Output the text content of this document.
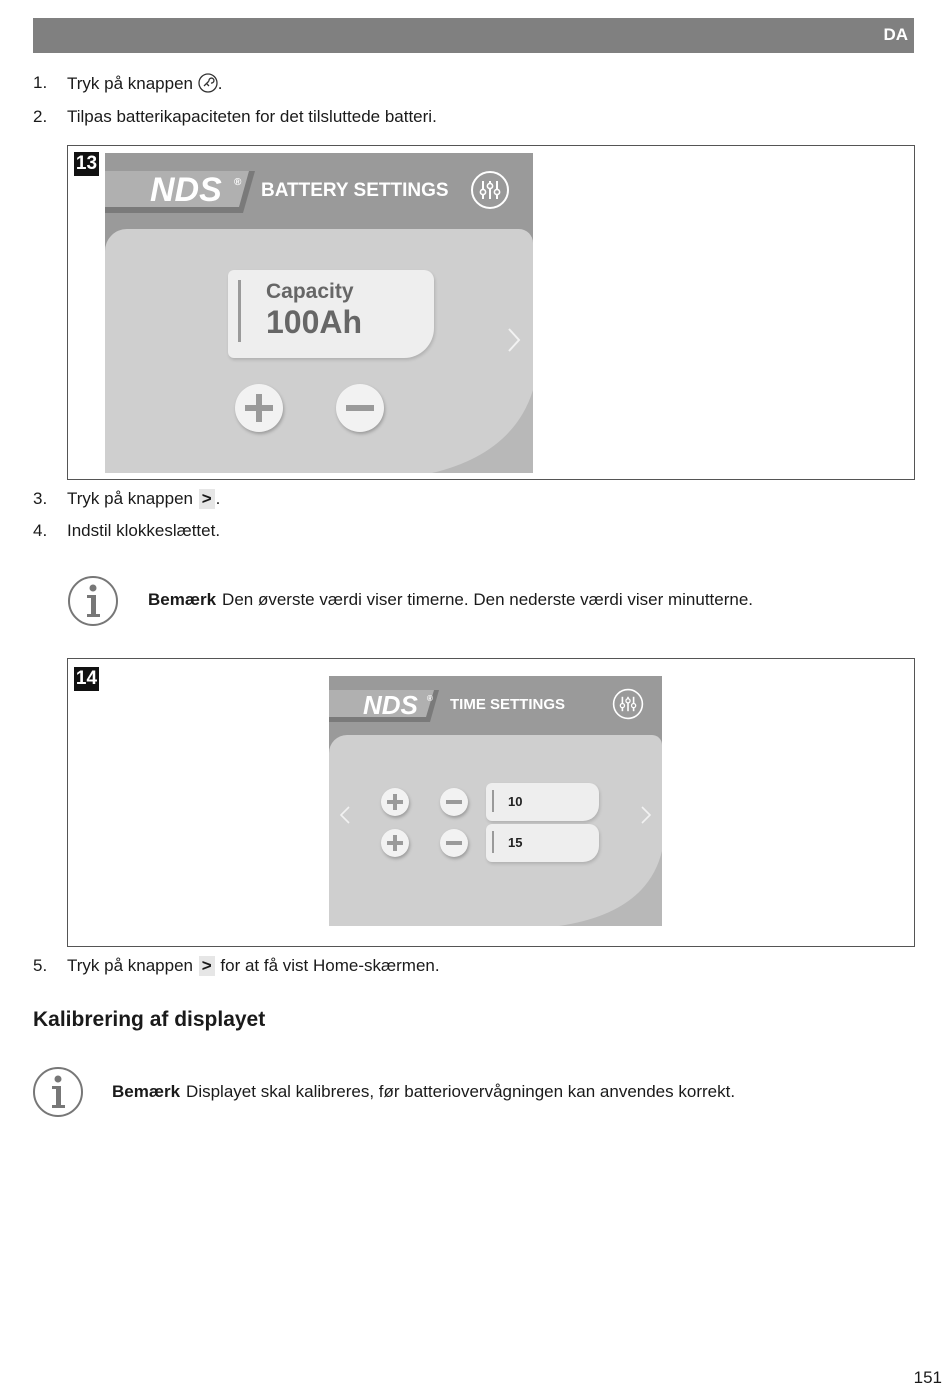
DA
1. Tryk på knappen .
2. Tilpas batterikapaciteten for det tilsluttede batteri.
13
NDS ® BATTERY SETTINGS
Capacity
100Ah
3. Tryk på knappen > .
4. Indstil klokkeslættet.
Bemærk Den øverste værdi viser timerne. Den nederste værdi viser minutterne.
14
NDS ® TIME SETTINGS
10
15
5. Tryk på knappen > for at få vist Home-skærmen.
Kalibrering af displayet
Bemærk Displayet skal kalibreres, før batteriovervågningen kan anvendes korrekt.
151
